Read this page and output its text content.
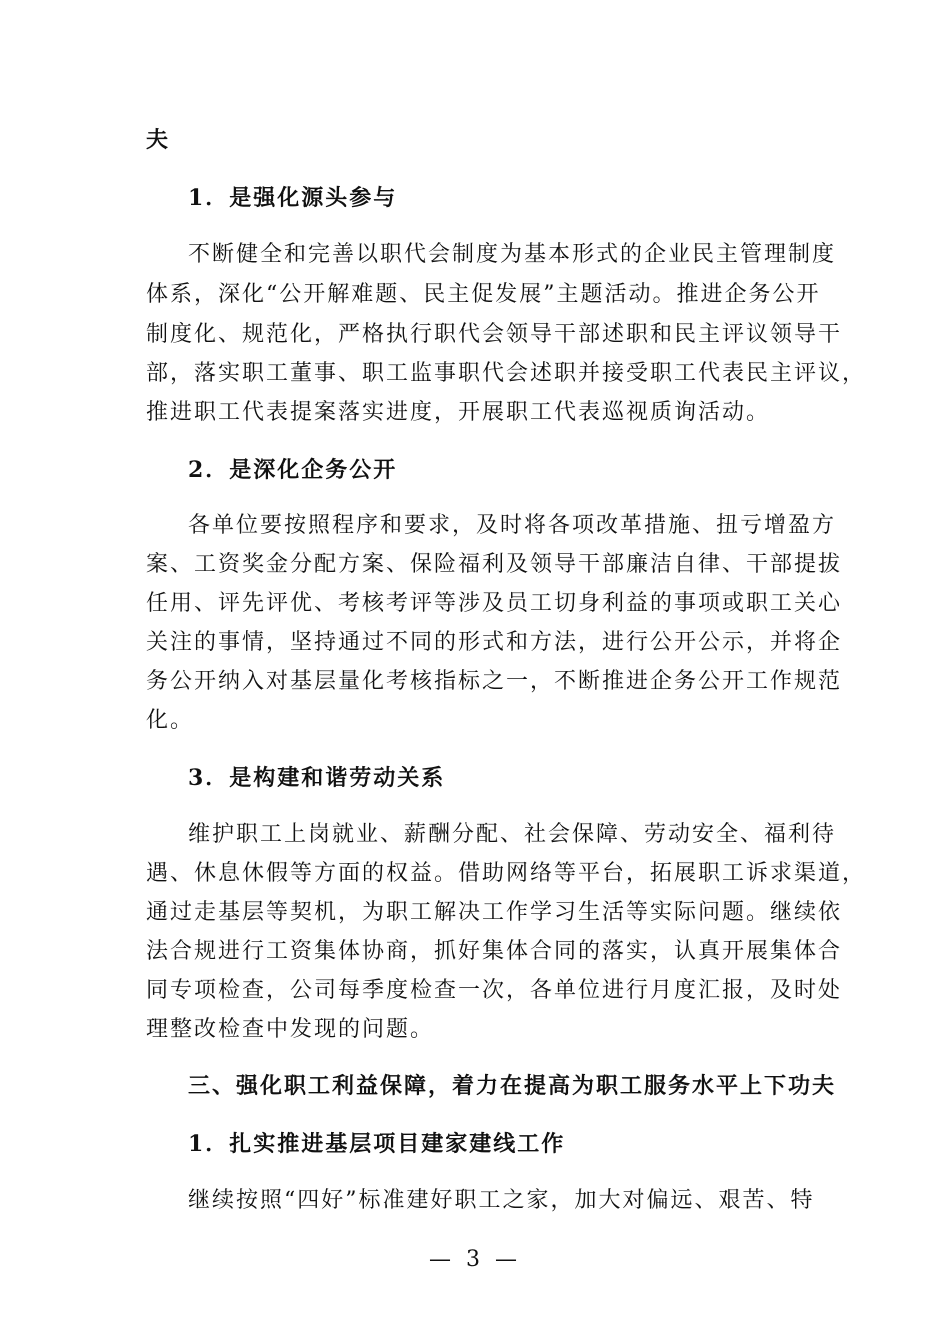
夫
1．是强化源头参与
不断健全和完善以职代会制度为基本形式的企业民主管理制度
体系，深化“公开解难题、民主促发展”主题活动。推进企务公开
制度化、规范化，严格执行职代会领导干部述职和民主评议领导干
部，落实职工董事、职工监事职代会述职并接受职工代表民主评议，
推进职工代表提案落实进度，开展职工代表巡视质询活动。
2．是深化企务公开
各单位要按照程序和要求，及时将各项改革措施、扭亏增盈方
案、工资奖金分配方案、保险福利及领导干部廉洁自律、干部提拔
任用、评先评优、考核考评等涉及员工切身利益的事项或职工关心
关注的事情，坚持通过不同的形式和方法，进行公开公示，并将企
务公开纳入对基层量化考核指标之一，不断推进企务公开工作规范
化。
3．是构建和谐劳动关系
维护职工上岗就业、薪酬分配、社会保障、劳动安全、福利待
遇、休息休假等方面的权益。借助网络等平台，拓展职工诉求渠道，
通过走基层等契机，为职工解决工作学习生活等实际问题。继续依
法合规进行工资集体协商，抓好集体合同的落实，认真开展集体合
同专项检查，公司每季度检查一次，各单位进行月度汇报，及时处
理整改检查中发现的问题。
三、强化职工利益保障，着力在提高为职工服务水平上下功夫
1．扎实推进基层项目建家建线工作
继续按照“四好”标准建好职工之家，加大对偏远、艰苦、特
— 3 —
